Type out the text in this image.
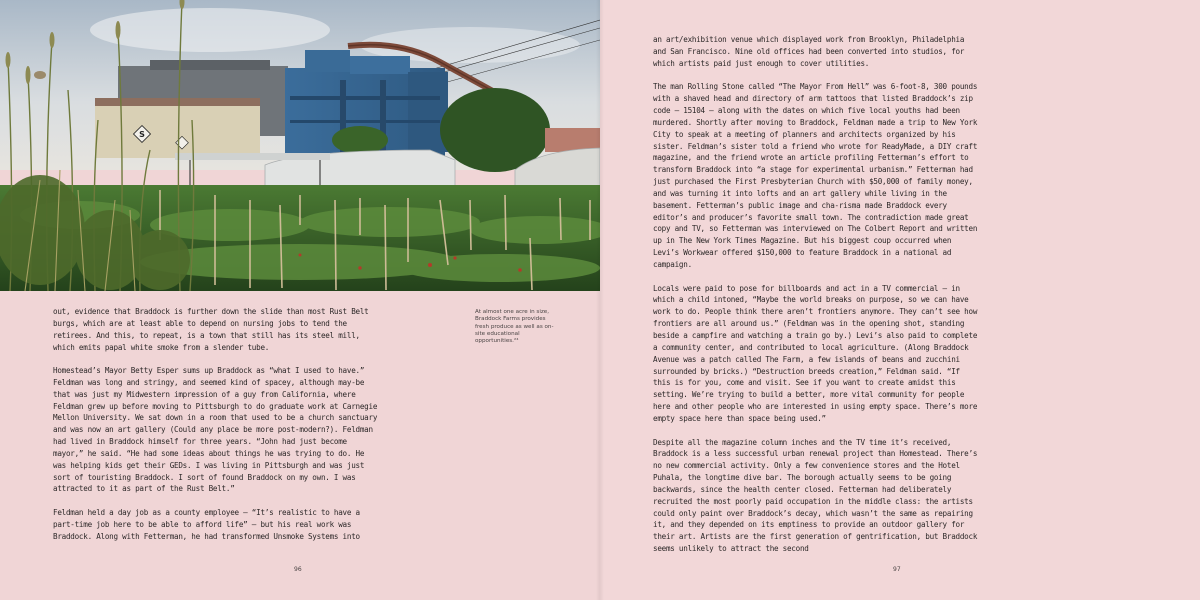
S

out, evidence that Braddock is further down the slide than most Rust Belt burgs, which are at least able to depend on nursing jobs to tend the retirees. And this, to repeat, is a town that still has its steel mill, which emits papal white smoke from a slender tube.

Homestead’s Mayor Betty Esper sums up Braddock as “what I used to have.” Feldman was long and stringy, and seemed kind of spacey, although may-be that was just my Midwestern impression of a guy from California, where Feldman grew up before moving to Pittsburgh to do graduate work at Carnegie Mellon University. We sat down in a room that used to be a church sanctuary and was now an art gallery (Could any place be more post-modern?). Feldman had lived in Braddock himself for three years. “John had just become mayor,” he said. “He had some ideas about things he was trying to do. He was helping kids get their GEDs. I was living in Pittsburgh and was just sort of touristing Braddock. I sort of found Braddock on my own. I was attracted to it as part of the Rust Belt.”

Feldman held a day job as a county employee — “It’s realistic to have a part-time job here to be able to afford life” — but his real work was Braddock. Along with Fetterman, he had transformed Unsmoke Systems into

At almost one acre in size, Braddock Farms provides fresh produce as well as on-site educational opportunities.²⁴
96

an art/exhibition venue which displayed work from Brooklyn, Philadelphia and San Francisco. Nine old offices had been converted into studios, for which artists paid just enough to cover utilities.

The man Rolling Stone called “The Mayor From Hell” was 6-foot-8, 300 pounds with a shaved head and directory of arm tattoos that listed Braddock’s zip code — 15104 — along with the dates on which five local youths had been murdered. Shortly after moving to Braddock, Feldman made a trip to New York City to speak at a meeting of planners and architects organized by his sister. Feldman’s sister told a friend who wrote for ReadyMade, a DIY craft magazine, and the friend wrote an article profiling Fetterman’s effort to transform Braddock into “a stage for experimental urbanism.” Fetterman had just purchased the First Presbyterian Church with $50,000 of family money, and was turning it into lofts and an art gallery while living in the basement. Fetterman’s public image and cha-risma made Braddock every editor’s and producer’s favorite small town. The contradiction made great copy and TV, so Fetterman was interviewed on The Colbert Report and written up in The New York Times Magazine. But his biggest coup occurred when Levi’s Workwear offered $150,000 to feature Braddock in a national ad campaign.

Locals were paid to pose for billboards and act in a TV commercial — in which a child intoned, “Maybe the world breaks on purpose, so we can have work to do. People think there aren’t frontiers anymore. They can’t see how frontiers are all around us.” (Feldman was in the opening shot, standing beside a campfire and watching a train go by.) Levi’s also paid to complete a community center, and contributed to local agriculture. (Along Braddock Avenue was a patch called The Farm, a few islands of beans and zucchini surrounded by bricks.) “Destruction breeds creation,” Feldman said. “If this is for you, come and visit. See if you want to create amidst this setting. We’re trying to build a better, more vital community for people here and other people who are interested in using empty space. There’s more empty space here than space being used.”

Despite all the magazine column inches and the TV time it’s received, Braddock is a less successful urban renewal project than Homestead. There’s no new commercial activity. Only a few convenience stores and the Hotel Puhala, the longtime dive bar. The borough actually seems to be going backwards, since the health center closed. Fetterman had deliberately recruited the most poorly paid occupation in the middle class: the artists could only paint over Braddock’s decay, which wasn’t the same as repairing it, and they depended on its emptiness to provide an outdoor gallery for their art. Artists are the first generation of gentrification, but Braddock seems unlikely to attract the second

97
